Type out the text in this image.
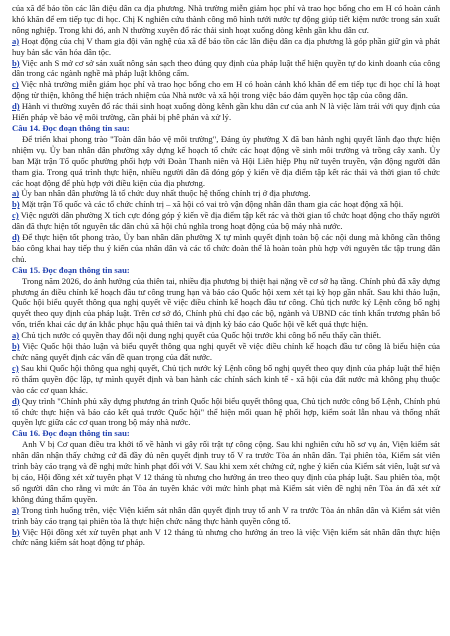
của xã để báo tồn các lân điệu dân ca địa phương. Nhà trường miễn giảm học phí và trao học bổng cho em H có hoàn cảnh khó khăn để em tiếp tục đi học. Chị K nghiên cứu thành công mô hình tưới nước tự động giúp tiết kiệm nước trong sản xuất nông nghiệp. Trong khi đó, anh N thường xuyên đổ rác thải sinh hoạt xuống dòng kênh gần khu dân cư.

a) Hoạt động của chị V tham gia đội văn nghệ của xã để bảo tồn các lân điệu dân ca địa phương là góp phần giữ gìn và phát huy bản sắc văn hóa dân tộc.

b) Việc anh S mở cơ sở sản xuất nông sản sạch theo đúng quy định của pháp luật thể hiện quyền tự do kinh doanh của công dân trong các ngành nghề mà pháp luật không cấm.

c) Việc nhà trường miễn giảm học phí và trao học bổng cho em H có hoàn cảnh khó khăn để em tiếp tục đi học chỉ là hoạt động từ thiện, không thể hiện trách nhiệm của Nhà nước và xã hội trong việc bảo đảm quyền học tập của công dân.

d) Hành vi thường xuyên đổ rác thải sinh hoạt xuống dòng kênh gần khu dân cư của anh N là việc làm trái với quy định của Hiến pháp về bảo vệ môi trường, cần phải bị phê phán và xử lý.

Câu 14. Đọc đoạn thông tin sau:

Để triển khai phong trào "Toàn dân bảo vệ môi trường", Đảng ủy phường X đã ban hành nghị quyết lãnh đạo thực hiện nhiệm vụ. Ủy ban nhân dân phường xây dựng kế hoạch tổ chức các hoạt động về sinh môi trường và trồng cây xanh. Ủy ban Mặt trận Tổ quốc phường phối hợp với Đoàn Thanh niên và Hội Liên hiệp Phụ nữ tuyên truyền, vận động người dân tham gia. Trong quá trình thực hiện, nhiều người dân đã đóng góp ý kiến về địa điểm tập kết rác thải và thời gian tổ chức các hoạt động để phù hợp với điều kiện của địa phương.

a) Ủy ban nhân dân phường là tổ chức duy nhất thuộc hệ thống chính trị ở địa phương.

b) Mặt trận Tổ quốc và các tổ chức chính trị – xã hội có vai trò vận động nhân dân tham gia các hoạt động xã hội.

c) Việc người dân phường X tích cực đóng góp ý kiến về địa điểm tập kết rác và thời gian tổ chức hoạt động cho thấy người dân đã thực hiện tốt nguyên tắc dân chủ xã hội chủ nghĩa trong hoạt động của bộ máy nhà nước.

d) Để thực hiện tốt phong trào, Ủy ban nhân dân phường X tự mình quyết định toàn bộ các nội dung mà không cần thông báo công khai hay tiếp thu ý kiến của nhân dân và các tổ chức đoàn thể là hoàn toàn phù hợp với nguyên tắc tập trung dân chủ.

Câu 15. Đọc đoạn thông tin sau:

Trong năm 2026, do ảnh hưởng của thiên tai, nhiều địa phương bị thiệt hại nặng về cơ sở hạ tầng. Chính phủ đã xây dựng phương án điều chỉnh kế hoạch đầu tư công trung hạn và báo cáo Quốc hội xem xét tại kỳ họp gần nhất. Sau khi thảo luận, Quốc hội biểu quyết thông qua nghị quyết về việc điều chỉnh kế hoạch đầu tư công. Chủ tịch nước ký Lệnh công bố nghị quyết theo quy định của pháp luật. Trên cơ sở đó, Chính phủ chỉ đạo các bộ, ngành và UBND các tỉnh khẩn trương phân bổ vốn, triển khai các dự án khắc phục hậu quả thiên tai và định kỳ báo cáo Quốc hội về kết quả thực hiện.

a) Chủ tịch nước có quyền thay đổi nội dung nghị quyết của Quốc hội trước khi công bố nếu thấy cần thiết.

b) Việc Quốc hội thảo luận và biểu quyết thông qua nghị quyết về việc điều chỉnh kế hoạch đầu tư công là biểu hiện của chức năng quyết định các vấn đề quan trọng của đất nước.

c) Sau khi Quốc hội thông qua nghị quyết, Chủ tịch nước ký Lệnh công bố nghị quyết theo quy định của pháp luật thể hiện rõ thẩm quyền độc lập, tự mình quyết định và ban hành các chính sách kinh tế - xã hội của đất nước mà không phụ thuộc vào các cơ quan khác.

d) Quy trình "Chính phủ xây dựng phương án trình Quốc hội biểu quyết thông qua, Chủ tịch nước công bố Lệnh, Chính phủ tổ chức thực hiện và báo cáo kết quả trước Quốc hội" thể hiện mối quan hệ phối hợp, kiểm soát lẫn nhau và thống nhất quyền lực giữa các cơ quan trong bộ máy nhà nước.

Câu 16. Đọc đoạn thông tin sau:

Anh V bị Cơ quan điều tra khởi tố về hành vi gây rối trật tự công cộng. Sau khi nghiên cứu hồ sơ vụ án, Viện kiểm sát nhân dân nhận thấy chứng cứ đã đầy đủ nên quyết định truy tố V ra trước Tòa án nhân dân. Tại phiên tòa, Kiểm sát viên trình bày cáo trạng và đề nghị mức hình phạt đối với V. Sau khi xem xét chứng cứ, nghe ý kiến của Kiểm sát viên, luật sư và bị cáo, Hội đồng xét xử tuyên phạt V 12 tháng tù nhưng cho hưởng án treo theo quy định của pháp luật. Sau phiên tòa, một số người dân cho rằng vì mức án Tòa án tuyên khác với mức hình phạt mà Kiểm sát viên đề nghị nên Tòa án đã xét xử không đúng thẩm quyền.

a) Trong tình huống trên, việc Viện kiểm sát nhân dân quyết định truy tố anh V ra trước Tòa án nhân dân và Kiểm sát viên trình bày cáo trạng tại phiên tòa là thực hiện chức năng thực hành quyền công tố.

b) Việc Hội đồng xét xử tuyên phạt anh V 12 tháng tù nhưng cho hưởng án treo là việc Viện kiểm sát nhân dân thực hiện chức năng kiểm sát hoạt động tư pháp.
